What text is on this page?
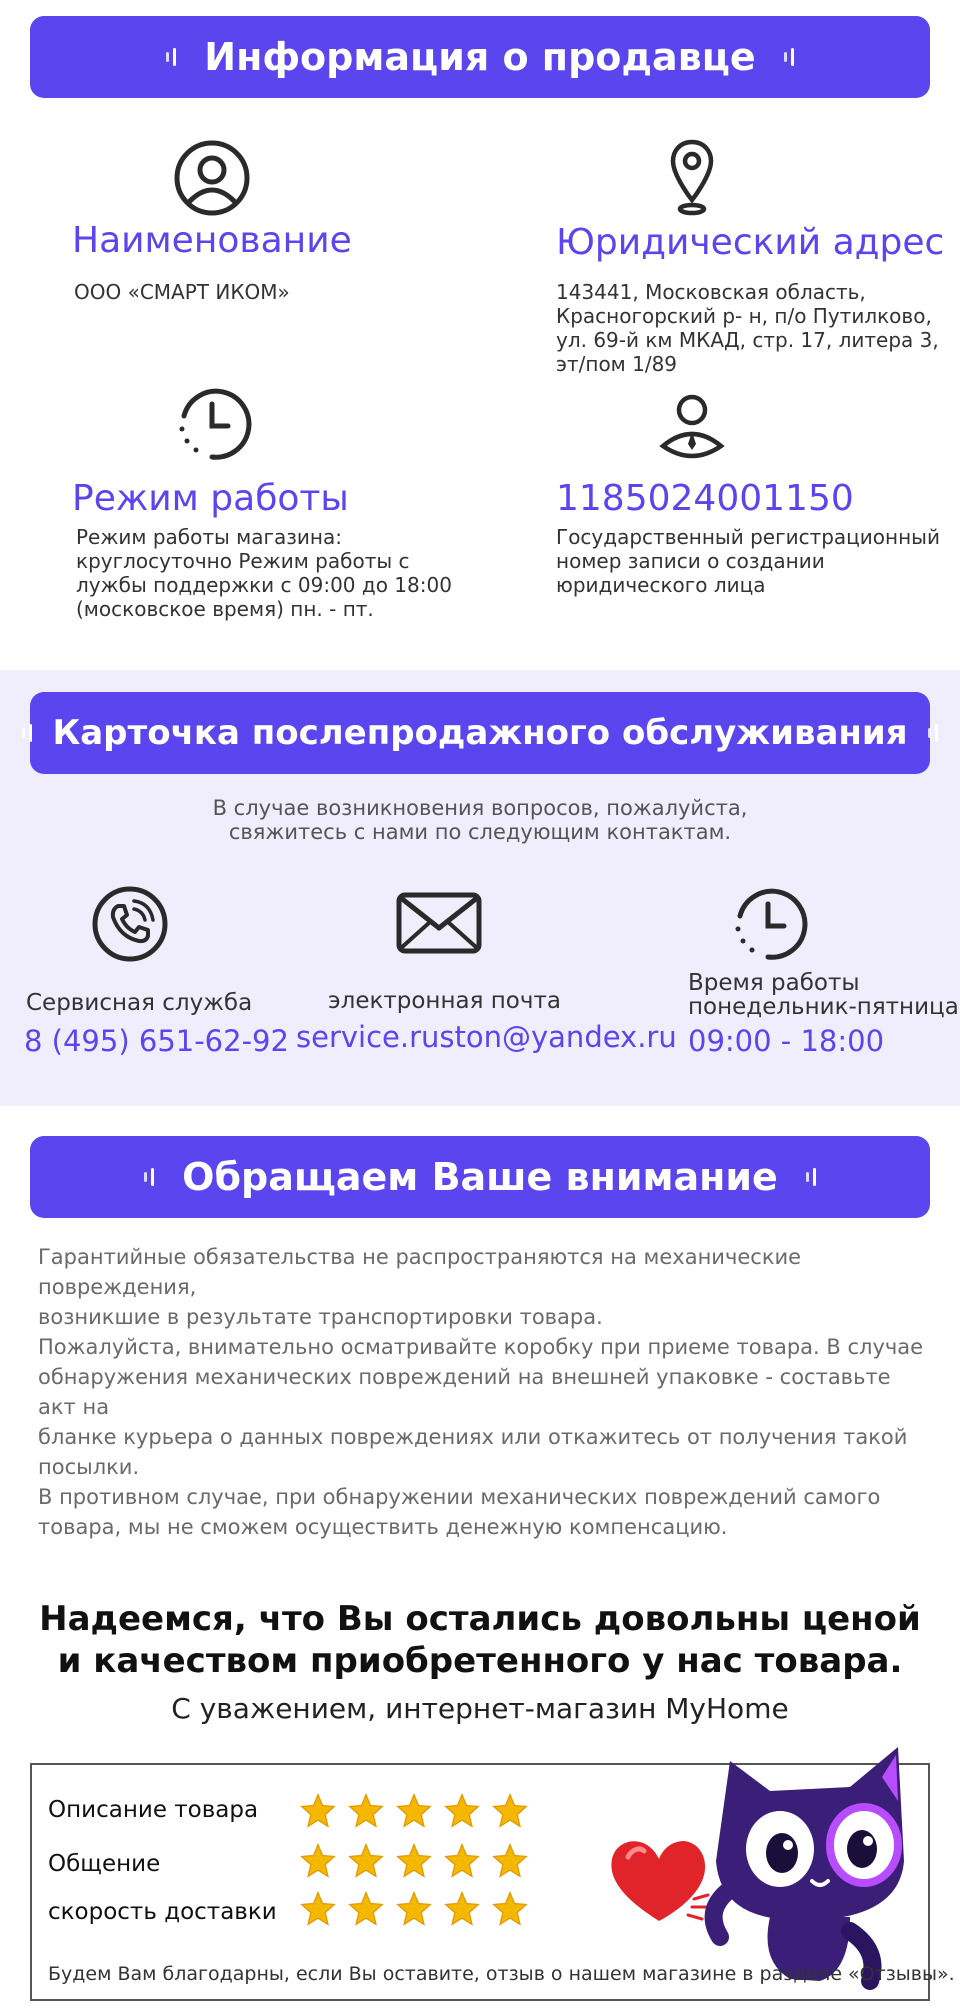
Информация о продавце
Наименование
ООО «СМАРТ ИКОМ»
Юридический адрес
143441, Московская область,
Красногорский р- н, п/о Путилково,
ул. 69-й км МКАД, стр. 17, литера 3,
эт/пом 1/89
Режим работы
Режим работы магазина:
круглосуточно Режим работы с
лужбы поддержки с 09:00 до 18:00
(московское время) пн. - пт.
1185024001150
Государственный регистрационный
номер записи о создании
юридического лица
Карточка послепродажного обслуживания
В случае возникновения вопросов, пожалуйста,
свяжитесь с нами по следующим контактам.
Сервисная служба
8 (495) 651-62-92
электронная почта
service.ruston@yandex.ru
Время работы
понедельник-пятница
09:00 - 18:00
Обращаем Ваше внимание
Гарантийные обязательства не распространяются на механические повреждения,
возникшие в результате транспортировки товара.
Пожалуйста, внимательно осматривайте коробку при приеме товара. В случае
обнаружения механических повреждений на внешней упаковке - составьте акт на
бланке курьера о данных повреждениях или откажитесь от получения такой
посылки.
В противном случае, при обнаружении механических повреждений самого
товара, мы не сможем осуществить денежную компенсацию.
Надеемся, что Вы остались довольны ценой
и качеством приобретенного у нас товара.
С уважением, интернет-магазин MyHome
Описание товара
Общение
скорость доставки
Будем Вам благодарны, если Вы оставите, отзыв о нашем магазине в разделе «Отзывы».
